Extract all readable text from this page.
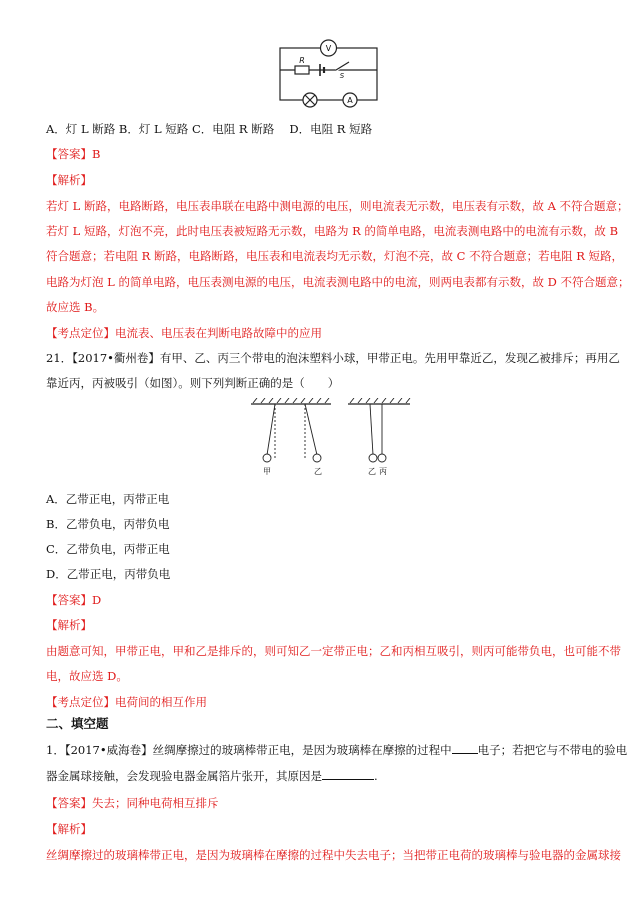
V
R
S
A
A．灯 L 断路 B．灯 L 短路 C．电阻 R 断路 　D．电阻 R 短路
【答案】B
【解析】
若灯 L 断路，电路断路，电压表串联在电路中测电源的电压，则电流表无示数，电压表有示数，故 A 不符合题意；
若灯 L 短路，灯泡不亮，此时电压表被短路无示数，电路为 R 的简单电路，电流表测电路中的电流有示数，故 B
符合题意；若电阻 R 断路，电路断路，电压表和电流表均无示数，灯泡不亮，故 C 不符合题意；若电阻 R 短路，
电路为灯泡 L 的简单电路，电压表测电源的电压，电流表测电路中的电流，则两电表都有示数，故 D 不符合题意；
故应选 B。
【考点定位】电流表、电压表在判断电路故障中的应用
21．【2017•衢州卷】有甲、乙、丙三个带电的泡沫塑料小球，甲带正电。先用甲靠近乙，发现乙被排斥；再用乙
靠近丙，丙被吸引（如图）。则下列判断正确的是（　　）
甲	乙	乙 丙
A．乙带正电，丙带正电
B．乙带负电，丙带负电
C．乙带负电，丙带正电
D．乙带正电，丙带负电
【答案】D
【解析】
由题意可知，甲带正电，甲和乙是排斥的，则可知乙一定带正电；乙和丙相互吸引，则丙可能带负电，也可能不带
电，故应选 D。
【考点定位】电荷间的相互作用
二、填空题
1．【2017•威海卷】丝绸摩擦过的玻璃棒带正电，是因为玻璃棒在摩擦的过程中 电子；若把它与不带电的验电
器金属球接触，会发现验电器金属箔片张开，其原因是	.
【答案】失去；同种电荷相互排斥
【解析】
丝绸摩擦过的玻璃棒带正电，是因为玻璃棒在摩擦的过程中失去电子；当把带正电荷的玻璃棒与验电器的金属球接
